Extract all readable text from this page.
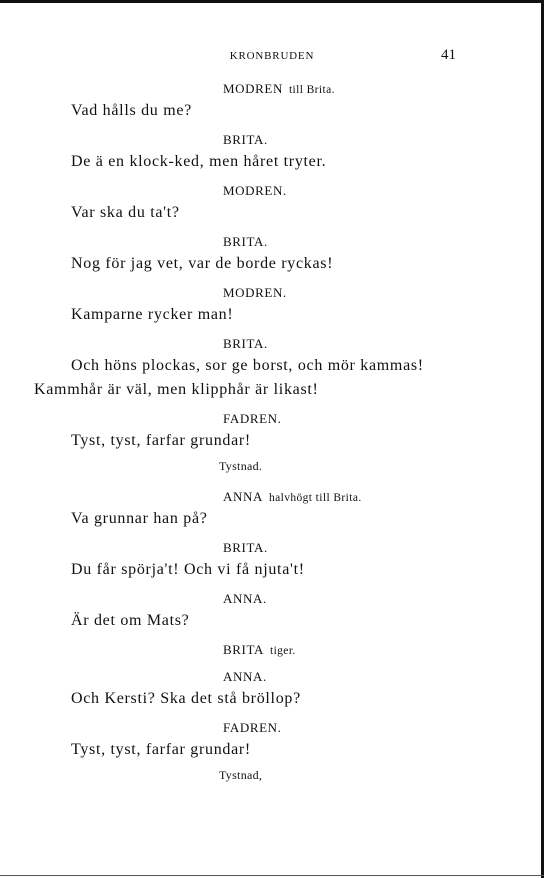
KRONBRUDEN	41
MODREN till Brita.
Vad hålls du me?
BRITA.
De ä en klock-ked, men håret tryter.
MODREN.
Var ska du ta't?
BRITA.
Nog för jag vet, var de borde ryckas!
MODREN.
Kamparne rycker man!
BRITA.
Och höns plockas, sor ge borst, och mör kammas!
Kammhår är väl, men klipphår är likast!
FADREN.
Tyst, tyst, farfar grundar!
Tystnad.
ANNA halvhögt till Brita.
Va grunnar han på?
BRITA.
Du får spörja't! Och vi få njuta't!
ANNA.
Är det om Mats?
BRITA tiger.
ANNA.
Och Kersti? Ska det stå bröllop?
FADREN.
Tyst, tyst, farfar grundar!
Tystnad,
